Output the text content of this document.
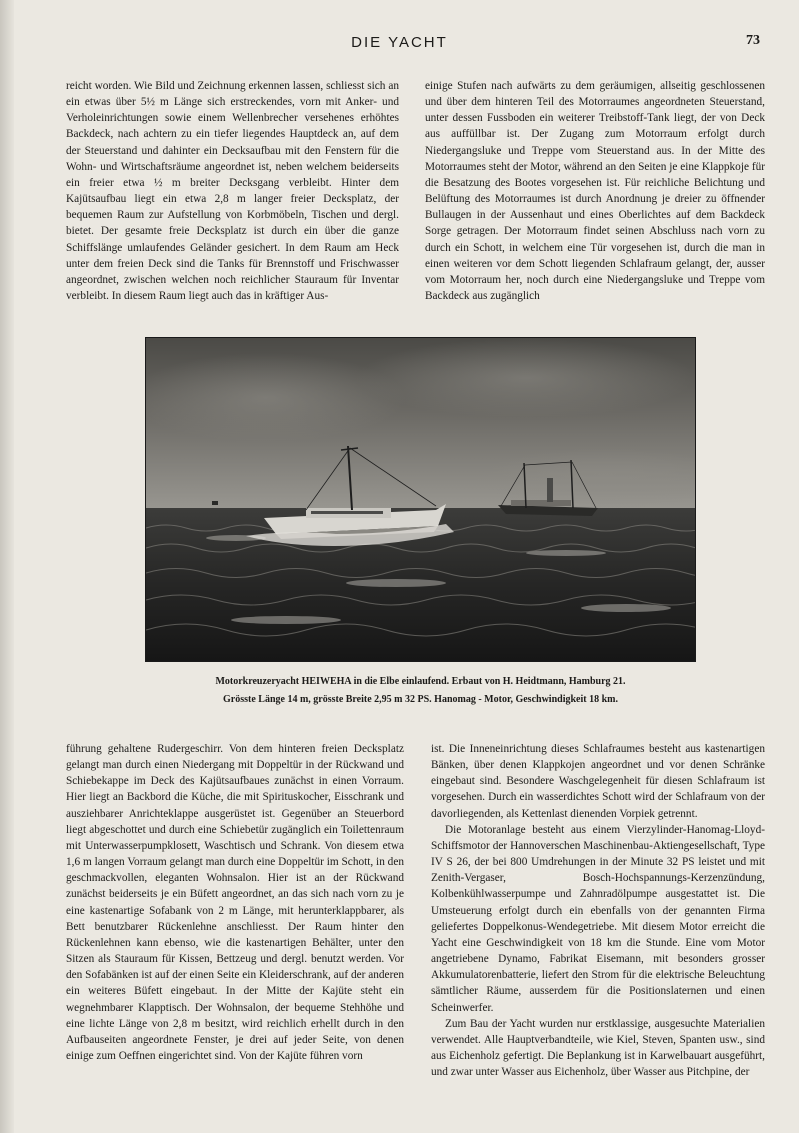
DIE YACHT	73

reicht worden. Wie Bild und Zeichnung erkennen lassen, schliesst sich an ein etwas über 5½ m Länge sich erstreckendes, vorn mit Anker- und Verholeinrichtungen sowie einem Wellenbrecher versehenes erhöhtes Backdeck, nach achtern zu ein tiefer liegendes Hauptdeck an, auf dem der Steuerstand und dahinter ein Decksaufbau mit den Fenstern für die Wohn- und Wirtschaftsräume angeordnet ist, neben welchem beiderseits ein freier etwa ½ m breiter Decksgang verbleibt. Hinter dem Kajütsaufbau liegt ein etwa 2,8 m langer freier Decksplatz, der bequemen Raum zur Aufstellung von Korbmöbeln, Tischen und dergl. bietet. Der gesamte freie Decksplatz ist durch ein über die ganze Schiffslänge umlaufendes Geländer gesichert. In dem Raum am Heck unter dem freien Deck sind die Tanks für Brennstoff und Frischwasser angeordnet, zwischen welchen noch reichlicher Stauraum für Inventar verbleibt. In diesem Raum liegt auch das in kräftiger Aus-

einige Stufen nach aufwärts zu dem geräumigen, allseitig geschlossenen und über dem hinteren Teil des Motorraumes angeordneten Steuerstand, unter dessen Fussboden ein weiterer Treibstoff-Tank liegt, der von Deck aus auffüllbar ist. Der Zugang zum Motorraum erfolgt durch Niedergangsluke und Treppe vom Steuerstand aus. In der Mitte des Motorraumes steht der Motor, während an den Seiten je eine Klappkoje für die Besatzung des Bootes vorgesehen ist. Für reichliche Belichtung und Belüftung des Motorraumes ist durch Anordnung je dreier zu öffnender Bullaugen in der Aussenhaut und eines Oberlichtes auf dem Backdeck Sorge getragen. Der Motorraum findet seinen Abschluss nach vorn zu durch ein Schott, in welchem eine Tür vorgesehen ist, durch die man in einen weiteren vor dem Schott liegenden Schlafraum gelangt, der, ausser vom Motorraum her, noch durch eine Niedergangsluke und Treppe vom Backdeck aus zugänglich

Motorkreuzeryacht HEIWEHA in die Elbe einlaufend. Erbaut von H. Heidtmann, Hamburg 21.
Grösste Länge 14 m, grösste Breite 2,95 m 32 PS. Hanomag - Motor, Geschwindigkeit 18 km.

führung gehaltene Rudergeschirr. Von dem hinteren freien Decksplatz gelangt man durch einen Niedergang mit Doppeltür in der Rückwand und Schiebekappe im Deck des Kajütsaufbaues zunächst in einen Vorraum. Hier liegt an Backbord die Küche, die mit Spirituskocher, Eisschrank und ausziehbarer Anrichteklappe ausgerüstet ist. Gegenüber an Steuerbord liegt abgeschottet und durch eine Schiebetür zugänglich ein Toilettenraum mit Unterwasserpumpklosett, Waschtisch und Schrank. Von diesem etwa 1,6 m langen Vorraum gelangt man durch eine Doppeltür im Schott, in den geschmackvollen, eleganten Wohnsalon. Hier ist an der Rückwand zunächst beiderseits je ein Büfett angeordnet, an das sich nach vorn zu je eine kastenartige Sofabank von 2 m Länge, mit herunterklappbarer, als Bett benutzbarer Rückenlehne anschliesst. Der Raum hinter den Rückenlehnen kann ebenso, wie die kastenartigen Behälter, unter den Sitzen als Stauraum für Kissen, Bettzeug und dergl. benutzt werden. Vor den Sofabänken ist auf der einen Seite ein Kleiderschrank, auf der anderen ein weiteres Büfett eingebaut. In der Mitte der Kajüte steht ein wegnehmbarer Klapptisch. Der Wohnsalon, der bequeme Stehhöhe und eine lichte Länge von 2,8 m besitzt, wird reichlich erhellt durch in den Aufbauseiten angeordnete Fenster, je drei auf jeder Seite, von denen einige zum Oeffnen eingerichtet sind. Von der Kajüte führen vorn

ist. Die Inneneinrichtung dieses Schlafraumes besteht aus kastenartigen Bänken, über denen Klappkojen angeordnet und vor denen Schränke eingebaut sind. Besondere Waschgelegenheit für diesen Schlafraum ist vorgesehen. Durch ein wasserdichtes Schott wird der Schlafraum von der davorliegenden, als Kettenlast dienenden Vorpiek getrennt.

Die Motoranlage besteht aus einem Vierzylinder-Hanomag-Lloyd-Schiffsmotor der Hannoverschen Maschinenbau-Aktiengesellschaft, Type IV S 26, der bei 800 Umdrehungen in der Minute 32 PS leistet und mit Zenith-Vergaser, Bosch-Hochspannungs-Kerzenzündung, Kolbenkühlwasserpumpe und Zahnradölpumpe ausgestattet ist. Die Umsteuerung erfolgt durch ein ebenfalls von der genannten Firma geliefertes Doppelkonus-Wendegetriebe. Mit diesem Motor erreicht die Yacht eine Geschwindigkeit von 18 km die Stunde. Eine vom Motor angetriebene Dynamo, Fabrikat Eisemann, mit besonders grosser Akkumulatorenbatterie, liefert den Strom für die elektrische Beleuchtung sämtlicher Räume, ausserdem für die Positionslaternen und einen Scheinwerfer.

Zum Bau der Yacht wurden nur erstklassige, ausgesuchte Materialien verwendet. Alle Hauptverbandteile, wie Kiel, Steven, Spanten usw., sind aus Eichenholz gefertigt. Die Beplankung ist in Karwelbauart ausgeführt, und zwar unter Wasser aus Eichenholz, über Wasser aus Pitchpine, der
